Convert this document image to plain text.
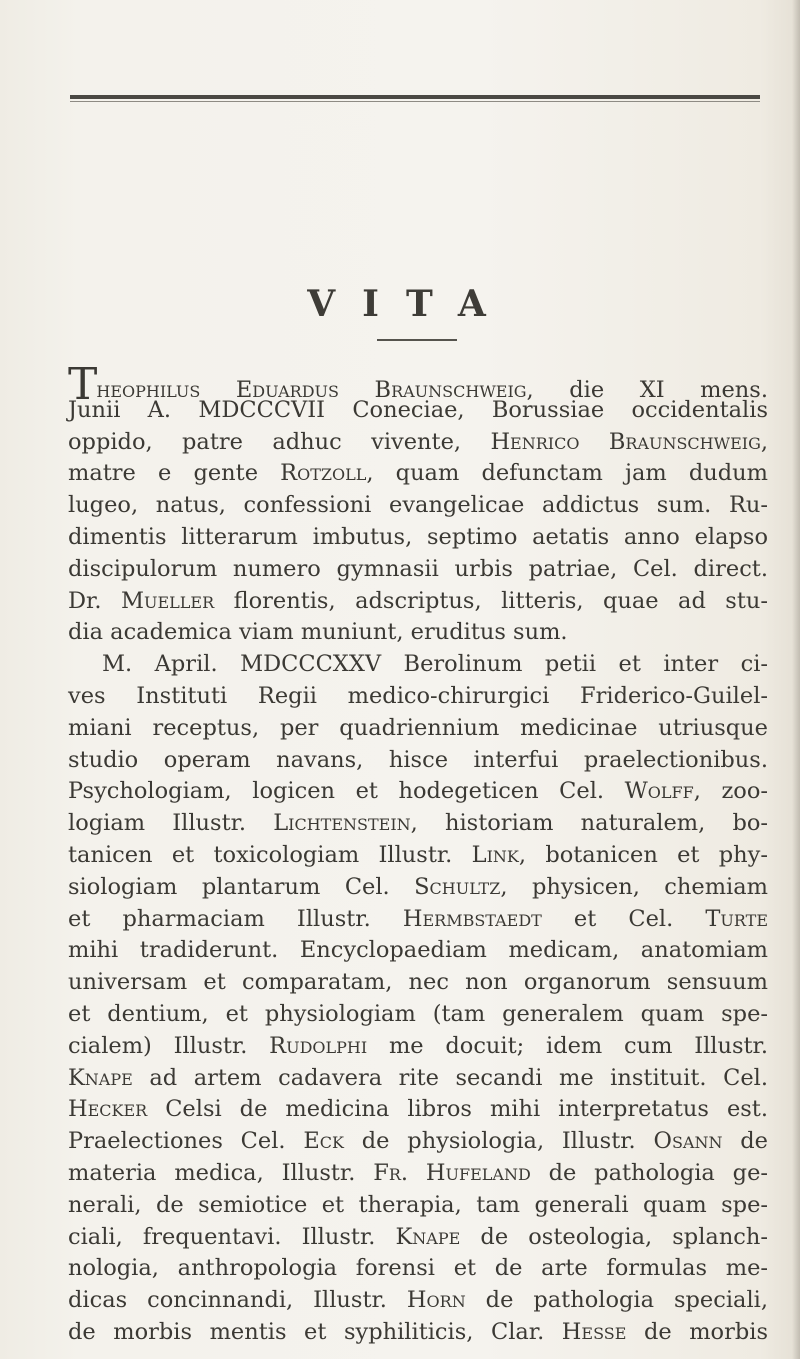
VITA
Theophilus Eduardus Braunschweig, die XI mens.
Junii A. MDCCCVII Coneciae, Borussiae occidentalis
oppido, patre adhuc vivente, Henrico Braunschweig,
matre e gente Rotzoll, quam defunctam jam dudum
lugeo, natus, confessioni evangelicae addictus sum. Ru-
dimentis litterarum imbutus, septimo aetatis anno elapso
discipulorum numero gymnasii urbis patriae, Cel. direct.
Dr. Mueller florentis, adscriptus, litteris, quae ad stu-
dia academica viam muniunt, eruditus sum.
M. April. MDCCCXXV Berolinum petii et inter ci-
ves Instituti Regii medico-chirurgici Friderico-Guilel-
miani receptus, per quadriennium medicinae utriusque
studio operam navans, hisce interfui praelectionibus.
Psychologiam, logicen et hodegeticen Cel. Wolff, zoo-
logiam Illustr. Lichtenstein, historiam naturalem, bo-
tanicen et toxicologiam Illustr. Link, botanicen et phy-
siologiam plantarum Cel. Schultz, physicen, chemiam
et pharmaciam Illustr. Hermbstaedt et Cel. Turte
mihi tradiderunt. Encyclopaediam medicam, anatomiam
universam et comparatam, nec non organorum sensuum
et dentium, et physiologiam (tam generalem quam spe-
cialem) Illustr. Rudolphi me docuit; idem cum Illustr.
Knape ad artem cadavera rite secandi me instituit. Cel.
Hecker Celsi de medicina libros mihi interpretatus est.
Praelectiones Cel. Eck de physiologia, Illustr. Osann de
materia medica, Illustr. Fr. Hufeland de pathologia ge-
nerali, de semiotice et therapia, tam generali quam spe-
ciali, frequentavi. Illustr. Knape de osteologia, splanch-
nologia, anthropologia forensi et de arte formulas me-
dicas concinnandi, Illustr. Horn de pathologia speciali,
de morbis mentis et syphiliticis, Clar. Hesse de morbis
